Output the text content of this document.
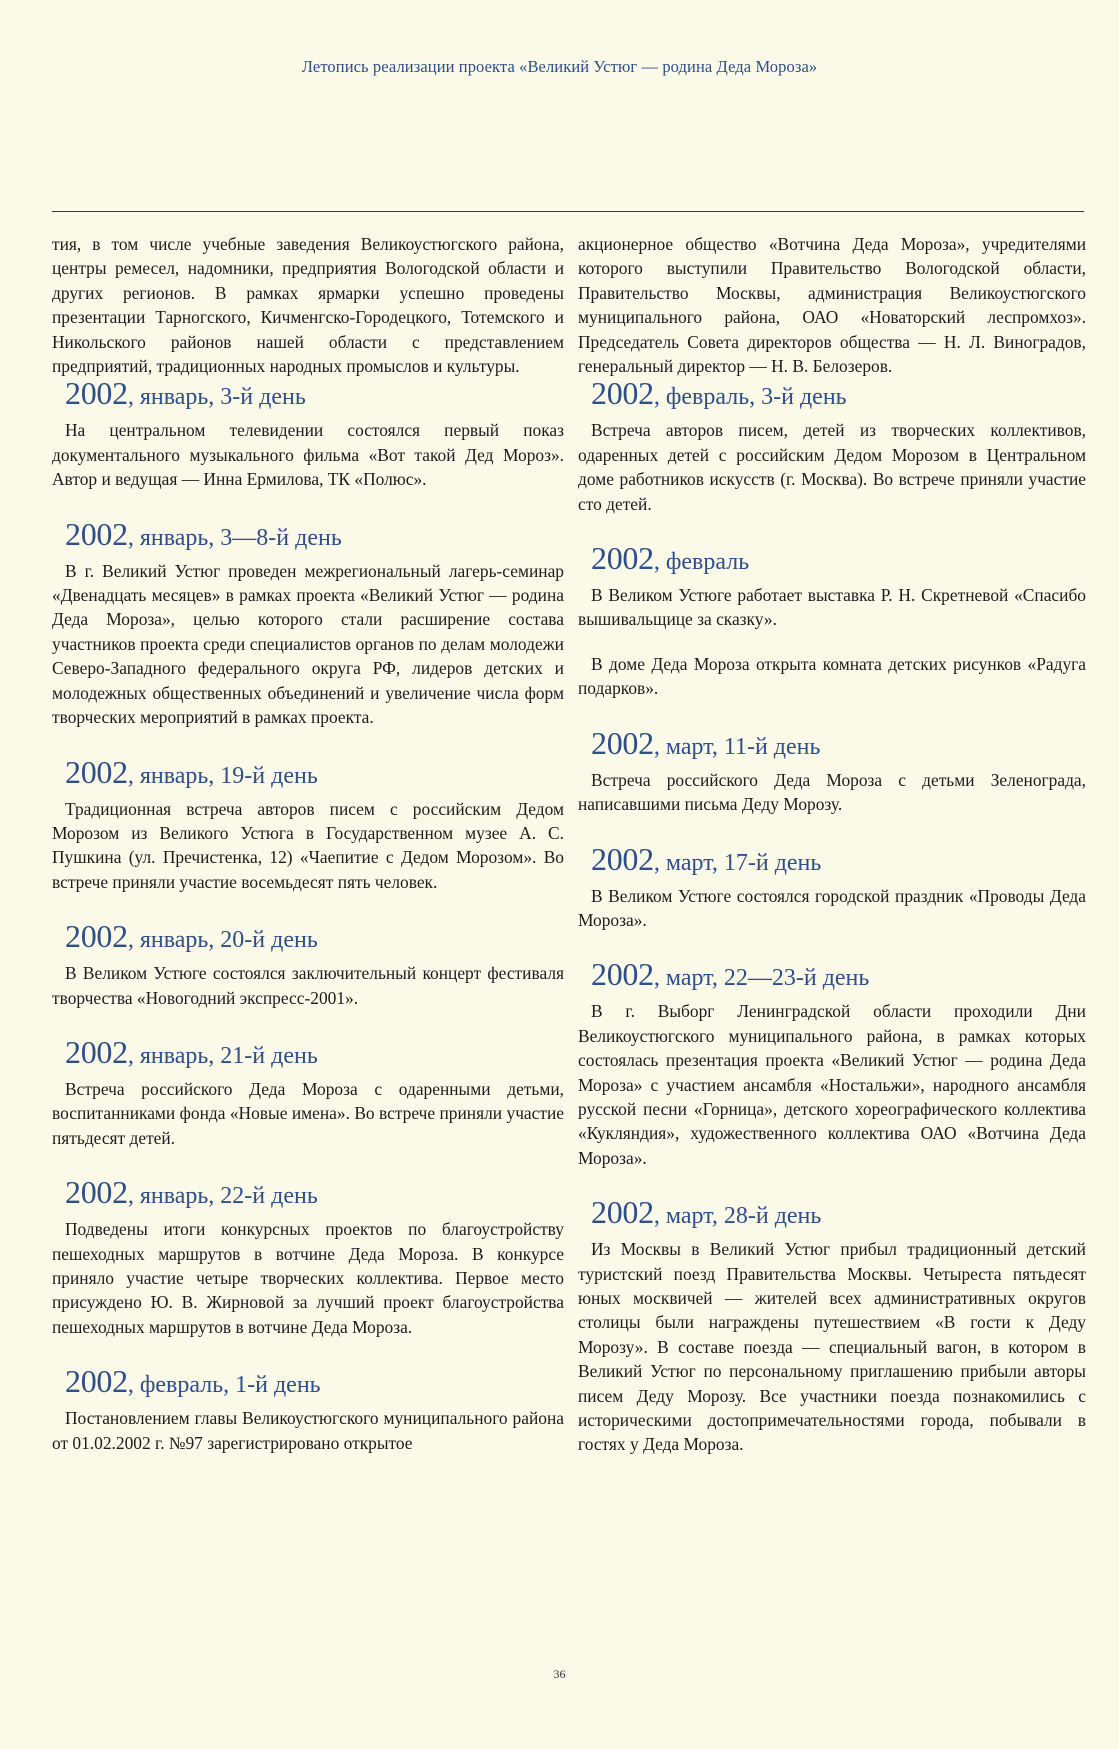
Летопись реализации проекта «Великий Устюг — родина Деда Мороза»

тия, в том числе учебные заведения Великоустюгского района, центры ремесел, надомники, предприятия Вологодской области и других регионов. В рамках ярмарки успешно проведены презентации Тарногского, Кичменгско-Городецкого, Тотемского и Никольского районов нашей области с представлением предприятий, традиционных народных промыслов и культуры.

2002, январь, 3-й день

На центральном телевидении состоялся первый показ документального музыкального фильма «Вот такой Дед Мороз». Автор и ведущая — Инна Ермилова, ТК «Полюс».

2002, январь, 3—8-й день

В г. Великий Устюг проведен межрегиональный лагерь-семинар «Двенадцать месяцев» в рамках проекта «Великий Устюг — родина Деда Мороза», целью которого стали расширение состава участников проекта среди специалистов органов по делам молодежи Северо-Западного федерального округа РФ, лидеров детских и молодежных общественных объединений и увеличение числа форм творческих мероприятий в рамках проекта.

2002, январь, 19-й день

Традиционная встреча авторов писем с российским Дедом Морозом из Великого Устюга в Государственном музее А. С. Пушкина (ул. Пречистенка, 12) «Чаепитие с Дедом Морозом». Во встрече приняли участие восемьдесят пять человек.

2002, январь, 20-й день

В Великом Устюге состоялся заключительный концерт фестиваля творчества «Новогодний экспресс-2001».

2002, январь, 21-й день

Встреча российского Деда Мороза с одаренными детьми, воспитанниками фонда «Новые имена». Во встрече приняли участие пятьдесят детей.

2002, январь, 22-й день

Подведены итоги конкурсных проектов по благоустройству пешеходных маршрутов в вотчине Деда Мороза. В конкурсе приняло участие четыре творческих коллектива. Первое место присуждено Ю. В. Жирновой за лучший проект благоустройства пешеходных маршрутов в вотчине Деда Мороза.

2002, февраль, 1-й день

Постановлением главы Великоустюгского муниципального района от 01.02.2002 г. №97 зарегистрировано открытое

акционерное общество «Вотчина Деда Мороза», учредителями которого выступили Правительство Вологодской области, Правительство Москвы, администрация Великоустюгского муниципального района, ОАО «Новаторский леспромхоз». Председатель Совета директоров общества — Н. Л. Виноградов, генеральный директор — Н. В. Белозеров.

2002, февраль, 3-й день

Встреча авторов писем, детей из творческих коллективов, одаренных детей с российским Дедом Морозом в Центральном доме работников искусств (г. Москва). Во встрече приняли участие сто детей.

2002, февраль

В Великом Устюге работает выставка Р. Н. Скретневой «Спасибо вышивальщице за сказку».

В доме Деда Мороза открыта комната детских рисунков «Радуга подарков».

2002, март, 11-й день

Встреча российского Деда Мороза с детьми Зеленограда, написавшими письма Деду Морозу.

2002, март, 17-й день

В Великом Устюге состоялся городской праздник «Проводы Деда Мороза».

2002, март, 22—23-й день

В г. Выборг Ленинградской области проходили Дни Великоустюгского муниципального района, в рамках которых состоялась презентация проекта «Великий Устюг — родина Деда Мороза» с участием ансамбля «Ностальжи», народного ансамбля русской песни «Горница», детского хореографического коллектива «Кукляндия», художественного коллектива ОАО «Вотчина Деда Мороза».

2002, март, 28-й день

Из Москвы в Великий Устюг прибыл традиционный детский туристский поезд Правительства Москвы. Четыреста пятьдесят юных москвичей — жителей всех административных округов столицы были награждены путешествием «В гости к Деду Морозу». В составе поезда — специальный вагон, в котором в Великий Устюг по персональному приглашению прибыли авторы писем Деду Морозу. Все участники поезда познакомились с историческими достопримечательностями города, побывали в гостях у Деда Мороза.

36
